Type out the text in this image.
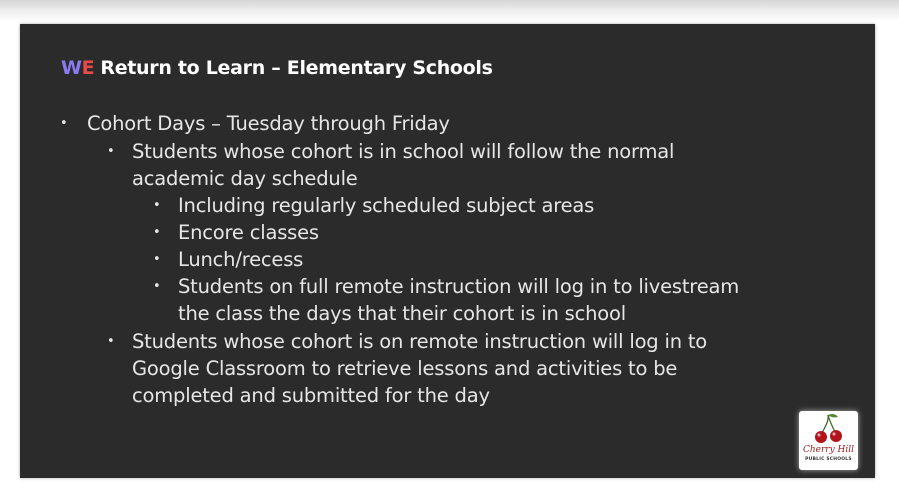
WE Return to Learn – Elementary Schools
• Cohort Days – Tuesday through Friday
• Students whose cohort is in school will follow the normal
academic day schedule
• Including regularly scheduled subject areas
• Encore classes
• Lunch/recess
• Students on full remote instruction will log in to livestream
the class the days that their cohort is in school
• Students whose cohort is on remote instruction will log in to
Google Classroom to retrieve lessons and activities to be
completed and submitted for the day
Cherry Hill
PUBLIC SCHOOLS
